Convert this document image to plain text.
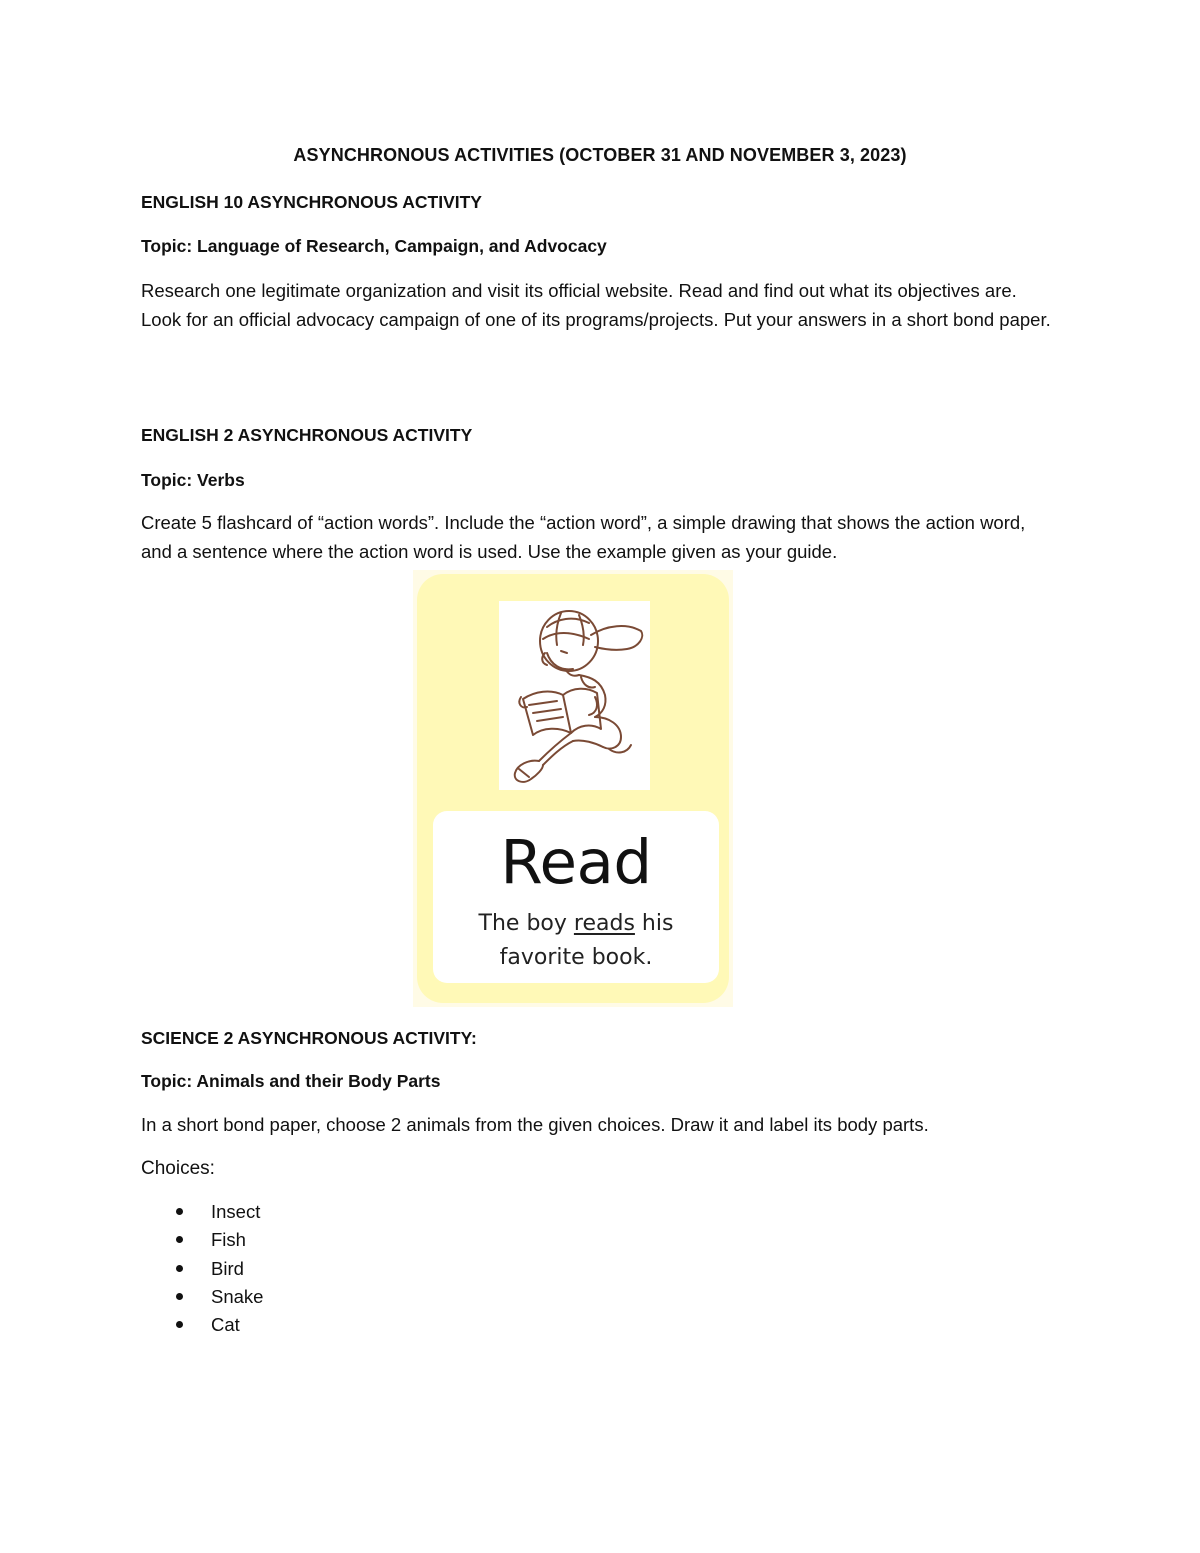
ASYNCHRONOUS ACTIVITIES (OCTOBER 31 AND NOVEMBER 3, 2023)
ENGLISH 10 ASYNCHRONOUS ACTIVITY
Topic: Language of Research, Campaign, and Advocacy
Research one legitimate organization and visit its official website. Read and find out what its objectives are. Look for an official advocacy campaign of one of its programs/projects. Put your answers in a short bond paper.
ENGLISH 2 ASYNCHRONOUS ACTIVITY
Topic: Verbs
Create 5 flashcard of “action words”. Include the “action word”, a simple drawing that shows the action word, and a sentence where the action word is used. Use the example given as your guide.
Read
The boy reads his favorite book.
SCIENCE 2 ASYNCHRONOUS ACTIVITY:
Topic: Animals and their Body Parts
In a short bond paper, choose 2 animals from the given choices. Draw it and label its body parts.
Choices:
Insect
Fish
Bird
Snake
Cat
